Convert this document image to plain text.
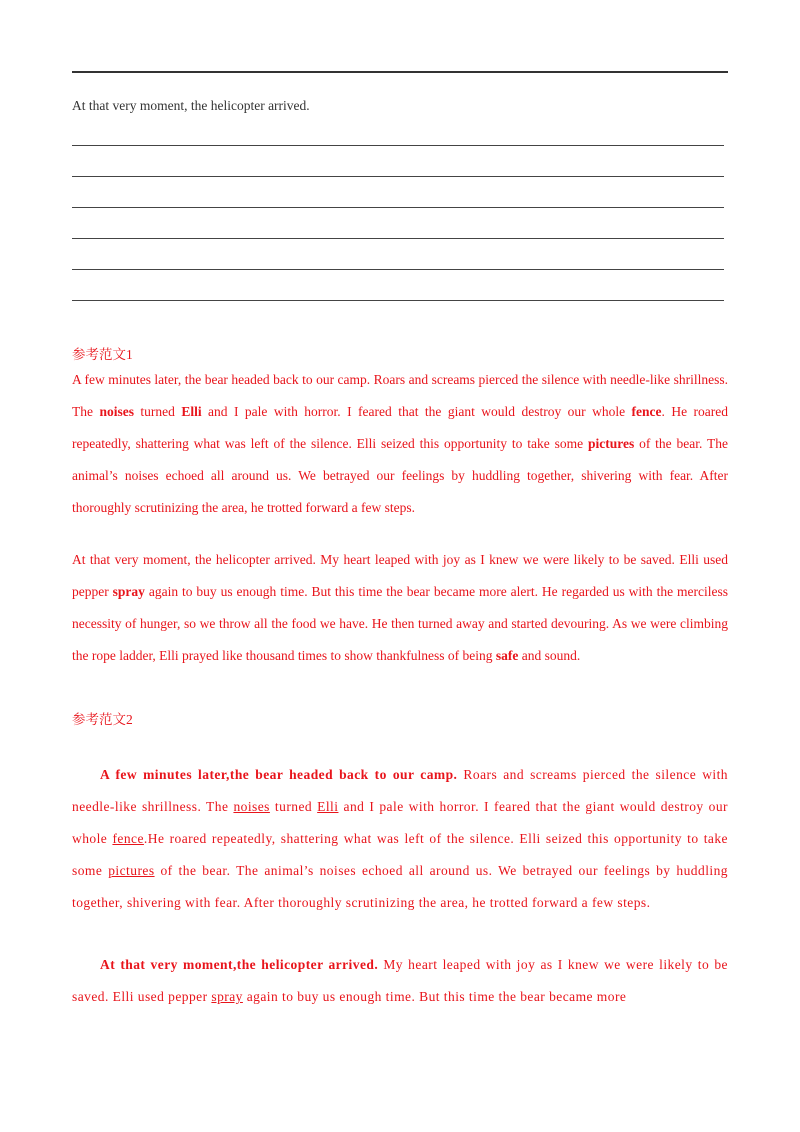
At that very moment, the helicopter arrived.
参考范文1
A few minutes later, the bear headed back to our camp. Roars and screams pierced the silence with needle-like shrillness. The noises turned Elli and I pale with horror. I feared that the giant would destroy our whole fence. He roared repeatedly, shattering what was left of the silence. Elli seized this opportunity to take some pictures of the bear. The animal’s noises echoed all around us. We betrayed our feelings by huddling together, shivering with fear. After thoroughly scrutinizing the area, he trotted forward a few steps.
At that very moment, the helicopter arrived. My heart leaped with joy as I knew we were likely to be saved. Elli used pepper spray again to buy us enough time. But this time the bear became more alert. He regarded us with the merciless necessity of hunger, so we throw all the food we have. He then turned away and started devouring. As we were climbing the rope ladder, Elli prayed like thousand times to show thankfulness of being safe and sound.
参考范文2
A few minutes later,the bear headed back to our camp. Roars and screams pierced the silence with needle-like shrillness. The noises turned Elli and I pale with horror. I feared that the giant would destroy our whole fence.He roared repeatedly, shattering what was left of the silence. Elli seized this opportunity to take some pictures of the bear. The animal’s noises echoed all around us. We betrayed our feelings by huddling together, shivering with fear. After thoroughly scrutinizing the area, he trotted forward a few steps.
At that very moment,the helicopter arrived. My heart leaped with joy as I knew we were likely to be saved. Elli used pepper spray again to buy us enough time. But this time the bear became more
